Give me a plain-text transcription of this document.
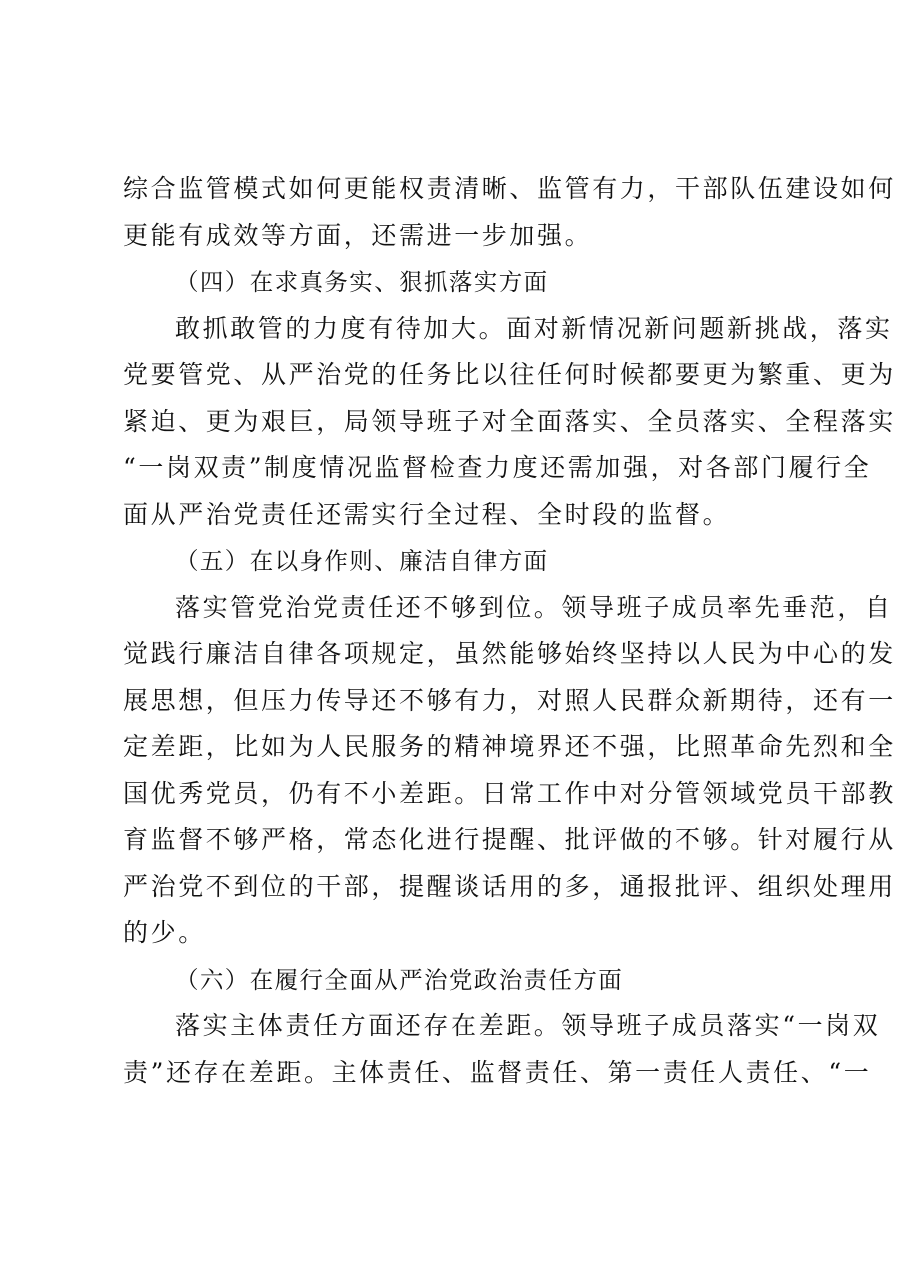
综合监管模式如何更能权责清晰、监管有力，干部队伍建设如何
更能有成效等方面，还需进一步加强。
（四）在求真务实、狠抓落实方面
敢抓敢管的力度有待加大。面对新情况新问题新挑战，落实
党要管党、从严治党的任务比以往任何时候都要更为繁重、更为
紧迫、更为艰巨，局领导班子对全面落实、全员落实、全程落实
“一岗双责”制度情况监督检查力度还需加强，对各部门履行全
面从严治党责任还需实行全过程、全时段的监督。
（五）在以身作则、廉洁自律方面
落实管党治党责任还不够到位。领导班子成员率先垂范，自
觉践行廉洁自律各项规定，虽然能够始终坚持以人民为中心的发
展思想，但压力传导还不够有力，对照人民群众新期待，还有一
定差距，比如为人民服务的精神境界还不强，比照革命先烈和全
国优秀党员，仍有不小差距。日常工作中对分管领域党员干部教
育监督不够严格，常态化进行提醒、批评做的不够。针对履行从
严治党不到位的干部，提醒谈话用的多，通报批评、组织处理用
的少。
（六）在履行全面从严治党政治责任方面
落实主体责任方面还存在差距。领导班子成员落实“一岗双
责”还存在差距。主体责任、监督责任、第一责任人责任、“一
